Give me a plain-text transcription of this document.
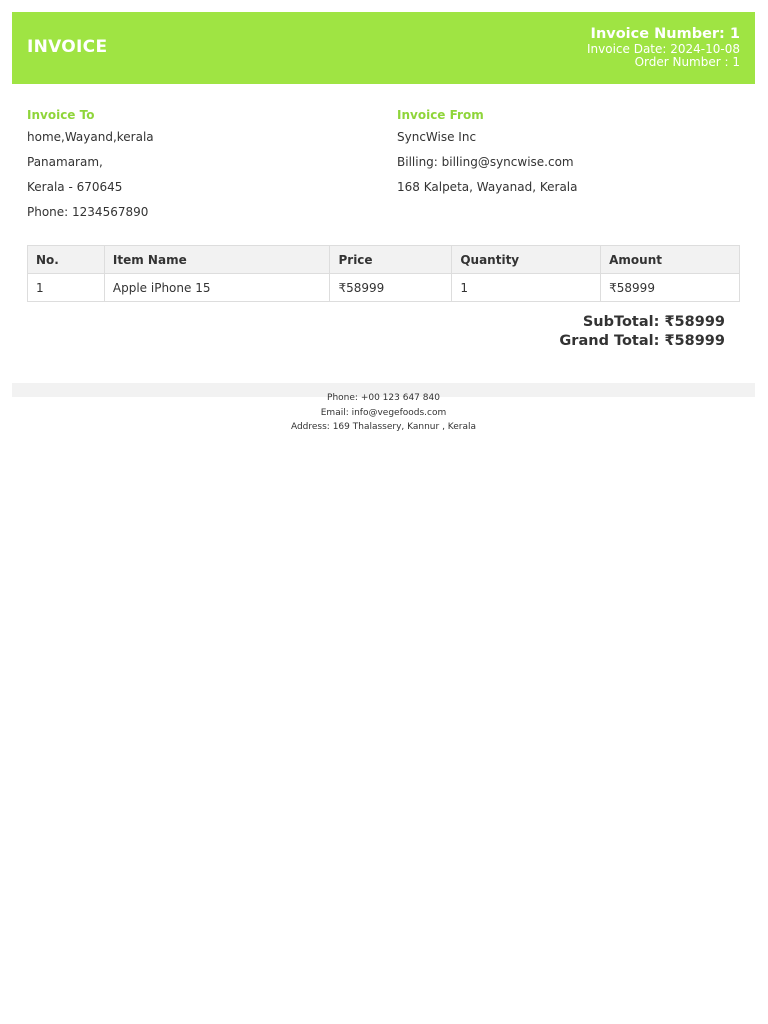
INVOICE
Invoice Number: 1
Invoice Date: 2024-10-08
Order Number : 1
Invoice To
home,Wayand,kerala
Panamaram,
Kerala - 670645
Phone: 1234567890
Invoice From
SyncWise Inc
Billing: billing@syncwise.com
168 Kalpeta, Wayanad, Kerala
No.	Item Name	Price	Quantity	Amount
1	Apple iPhone 15	₹58999	1	₹58999
SubTotal: ₹58999
Grand Total: ₹58999
Phone: +00 123 647 840
Email: info@vegefoods.com
Address: 169 Thalassery, Kannur , Kerala
